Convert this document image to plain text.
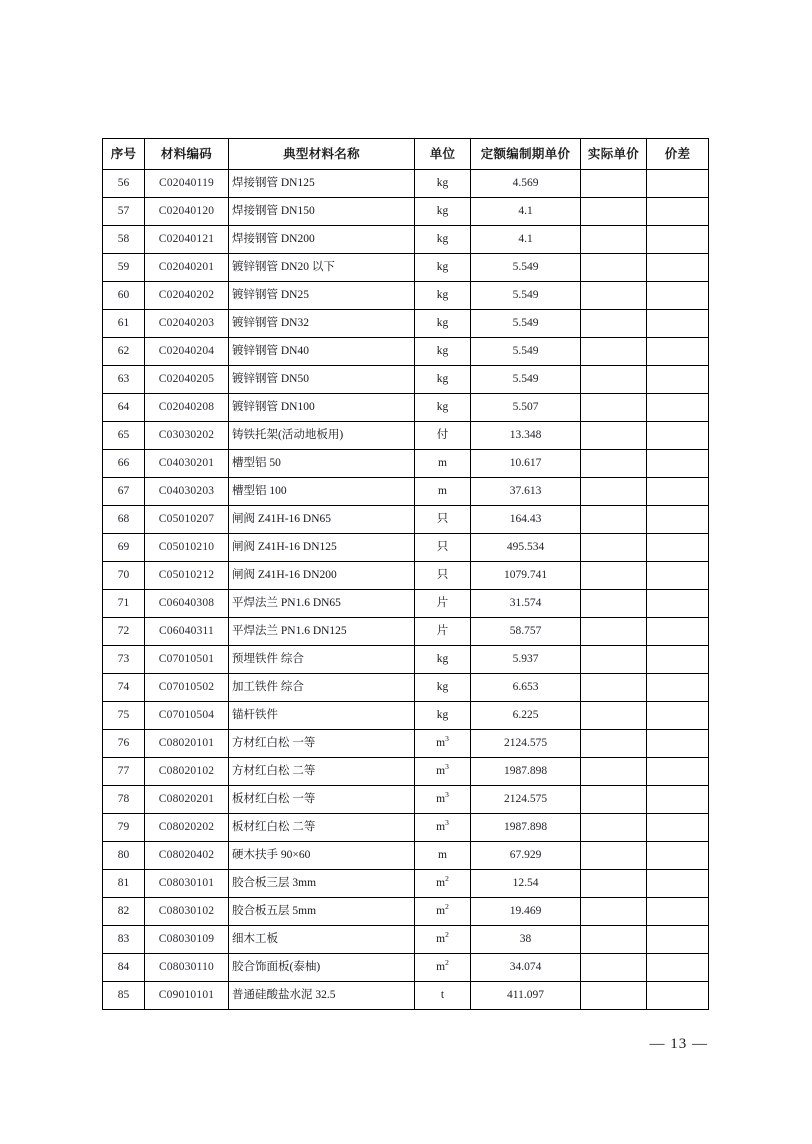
序号	材料编码	典型材料名称	单位	定额编制期单价	实际单价	价差
56	C02040119	焊接钢管 DN125	kg	4.569		
57	C02040120	焊接钢管 DN150	kg	4.1		
58	C02040121	焊接钢管 DN200	kg	4.1		
59	C02040201	镀锌钢管 DN20 以下	kg	5.549		
60	C02040202	镀锌钢管 DN25	kg	5.549		
61	C02040203	镀锌钢管 DN32	kg	5.549		
62	C02040204	镀锌钢管 DN40	kg	5.549		
63	C02040205	镀锌钢管 DN50	kg	5.549		
64	C02040208	镀锌钢管 DN100	kg	5.507		
65	C03030202	铸铁托架(活动地板用)	付	13.348		
66	C04030201	槽型铝 50	m	10.617		
67	C04030203	槽型铝 100	m	37.613		
68	C05010207	闸阀 Z41H-16 DN65	只	164.43		
69	C05010210	闸阀 Z41H-16 DN125	只	495.534		
70	C05010212	闸阀 Z41H-16 DN200	只	1079.741		
71	C06040308	平焊法兰 PN1.6 DN65	片	31.574		
72	C06040311	平焊法兰 PN1.6 DN125	片	58.757		
73	C07010501	预埋铁件 综合	kg	5.937		
74	C07010502	加工铁件 综合	kg	6.653		
75	C07010504	锚杆铁件	kg	6.225		
76	C08020101	方材红白松 一等	$m^3$	2124.575		
77	C08020102	方材红白松 二等	$m^3$	1987.898		
78	C08020201	板材红白松 一等	$m^3$	2124.575		
79	C08020202	板材红白松 二等	$m^3$	1987.898		
80	C08020402	硬木扶手 90×60	m	67.929		
81	C08030101	胶合板三层 3mm	$m^2$	12.54		
82	C08030102	胶合板五层 5mm	$m^2$	19.469		
83	C08030109	细木工板	$m^2$	38		
84	C08030110	胶合饰面板(泰柚)	$m^2$	34.074		
85	C09010101	普通硅酸盐水泥 32.5	t	411.097		
— 13 —
